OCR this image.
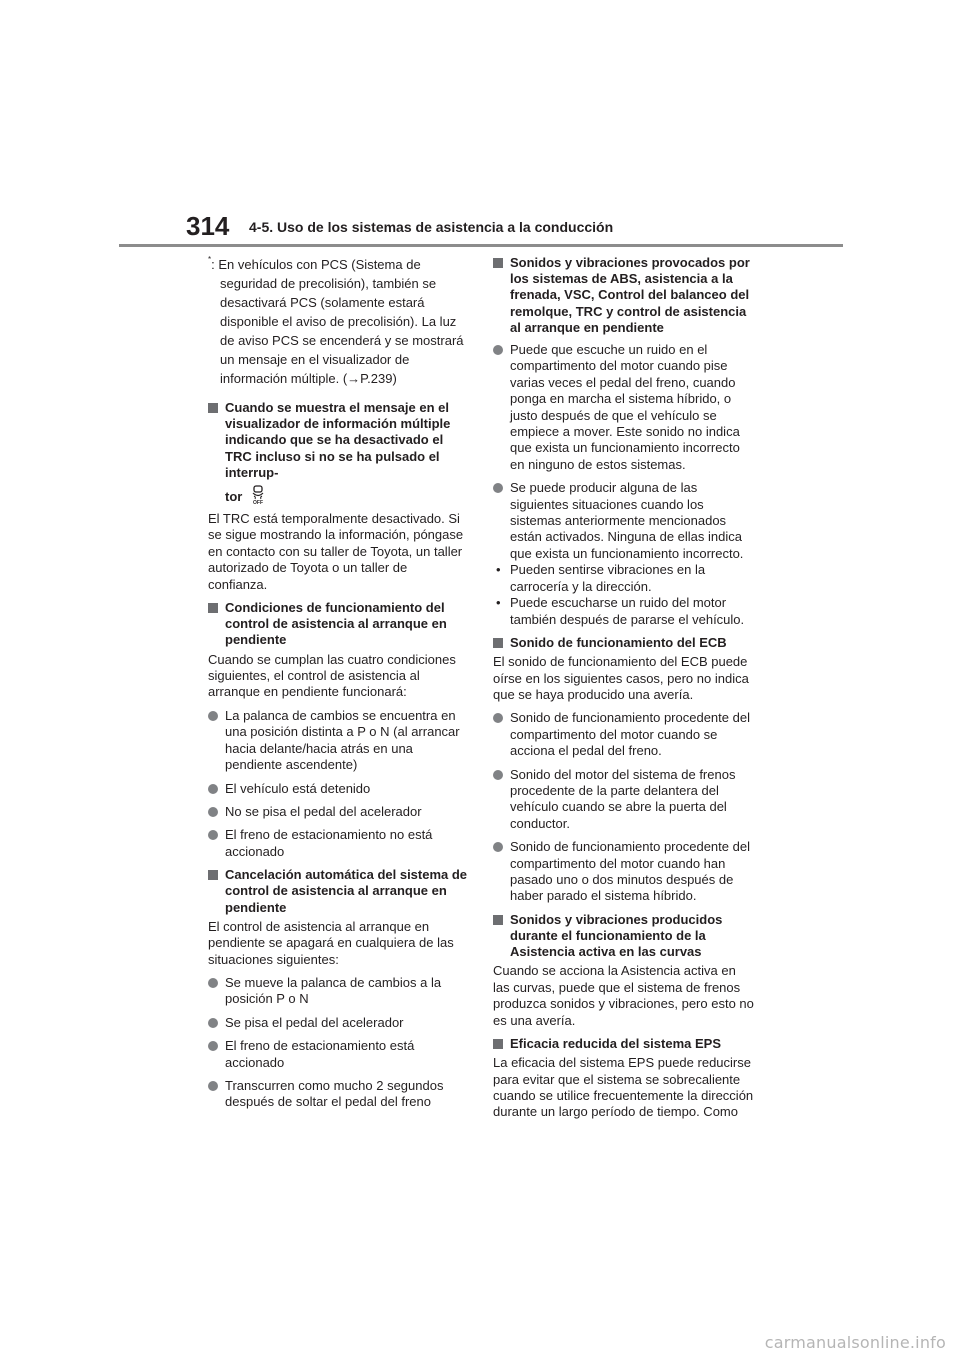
314 4-5. Uso de los sistemas de asistencia a la conducción

*: En vehículos con PCS (Sistema de seguridad de precolisión), también se desactivará PCS (solamente estará disponible el aviso de precolisión). La luz de aviso PCS se encenderá y se mostrará un mensaje en el visualizador de información múltiple. (→P.239)

Cuando se muestra el mensaje en el visualizador de información múltiple indicando que se ha desactivado el TRC incluso si no se ha pulsado el interrup-
tor OFF

El TRC está temporalmente desactivado. Si se sigue mostrando la información, póngase en contacto con su taller de Toyota, un taller autorizado de Toyota o un taller de confianza.

Condiciones de funcionamiento del control de asistencia al arranque en pendiente

Cuando se cumplan las cuatro condiciones siguientes, el control de asistencia al arranque en pendiente funcionará:

La palanca de cambios se encuentra en una posición distinta a P o N (al arrancar hacia delante/hacia atrás en una pendiente ascendente)
El vehículo está detenido
No se pisa el pedal del acelerador
El freno de estacionamiento no está accionado
Cancelación automática del sistema de control de asistencia al arranque en pendiente

El control de asistencia al arranque en pendiente se apagará en cualquiera de las situaciones siguientes:

Se mueve la palanca de cambios a la posición P o N
Se pisa el pedal del acelerador
El freno de estacionamiento está accionado
Transcurren como mucho 2 segundos después de soltar el pedal del freno
Sonidos y vibraciones provocados por los sistemas de ABS, asistencia a la frenada, VSC, Control del balanceo del remolque, TRC y control de asistencia al arranque en pendiente
Puede que escuche un ruido en el compartimento del motor cuando pise varias veces el pedal del freno, cuando ponga en marcha el sistema híbrido, o justo después de que el vehículo se empiece a mover. Este sonido no indica que exista un funcionamiento incorrecto en ninguno de estos sistemas.
Se puede producir alguna de las siguientes situaciones cuando los sistemas anteriormente mencionados están activados. Ninguna de ellas indica que exista un funcionamiento incorrecto.
• Pueden sentirse vibraciones en la carrocería y la dirección.
• Puede escucharse un ruido del motor también después de pararse el vehículo.
Sonido de funcionamiento del ECB

El sonido de funcionamiento del ECB puede oírse en los siguientes casos, pero no indica que se haya producido una avería.

Sonido de funcionamiento procedente del compartimento del motor cuando se acciona el pedal del freno.
Sonido del motor del sistema de frenos procedente de la parte delantera del vehículo cuando se abre la puerta del conductor.
Sonido de funcionamiento procedente del compartimento del motor cuando han pasado uno o dos minutos después de haber parado el sistema híbrido.
Sonidos y vibraciones producidos durante el funcionamiento de la Asistencia activa en las curvas

Cuando se acciona la Asistencia activa en las curvas, puede que el sistema de frenos produzca sonidos y vibraciones, pero esto no es una avería.

Eficacia reducida del sistema EPS

La eficacia del sistema EPS puede reducirse para evitar que el sistema se sobrecaliente cuando se utilice frecuentemente la dirección durante un largo período de tiempo. Como

carmanualsonline.info
